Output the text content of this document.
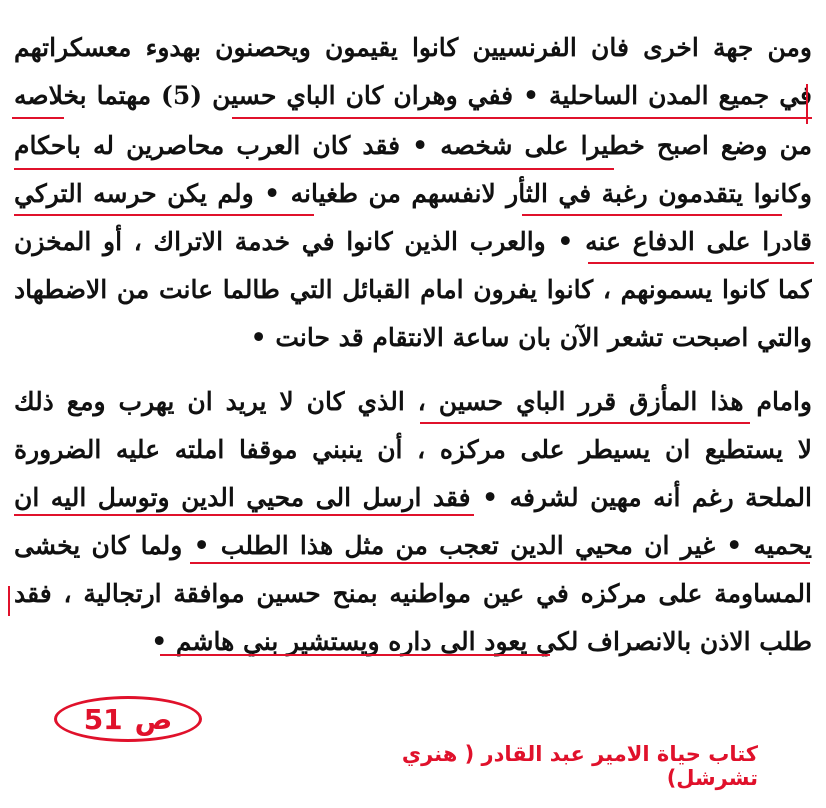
ومن جهة اخرى فان الفرنسيين كانوا يقيمون ويحصنون بهدوء معسكراتهم
في جميع المدن الساحلية • ففي وهران كان الباي حسين (5) مهتما بخلاصه
من وضع اصبح خطيرا على شخصه • فقد كان العرب محاصرين له باحكام
وكانوا يتقدمون رغبة في الثأر لانفسهم من طغيانه • ولم يكن حرسه التركي
قادرا على الدفاع عنه • والعرب الذين كانوا في خدمة الاتراك ، أو المخزن
كما كانوا يسمونهم ، كانوا يفرون امام القبائل التي طالما عانت من الاضطهاد
والتي اصبحت تشعر الآن بان ساعة الانتقام قد حانت •
وامام هذا المأزق قرر الباي حسين ، الذي كان لا يريد ان يهرب ومع ذلك
لا يستطيع ان يسيطر على مركزه ، أن ينبني موقفا املته عليه الضرورة
الملحة رغم أنه مهين لشرفه • فقد ارسل الى محيي الدين وتوسل اليه ان
يحميه • غير ان محيي الدين تعجب من مثل هذا الطلب • ولما كان يخشى
المساومة على مركزه في عين مواطنيه بمنح حسين موافقة ارتجالية ، فقد
طلب الاذن بالانصراف لكي يعود الى داره ويستشير بني هاشم •
ص
51
كتاب حياة الامير عبد القادر ( هنري تشرشل)
